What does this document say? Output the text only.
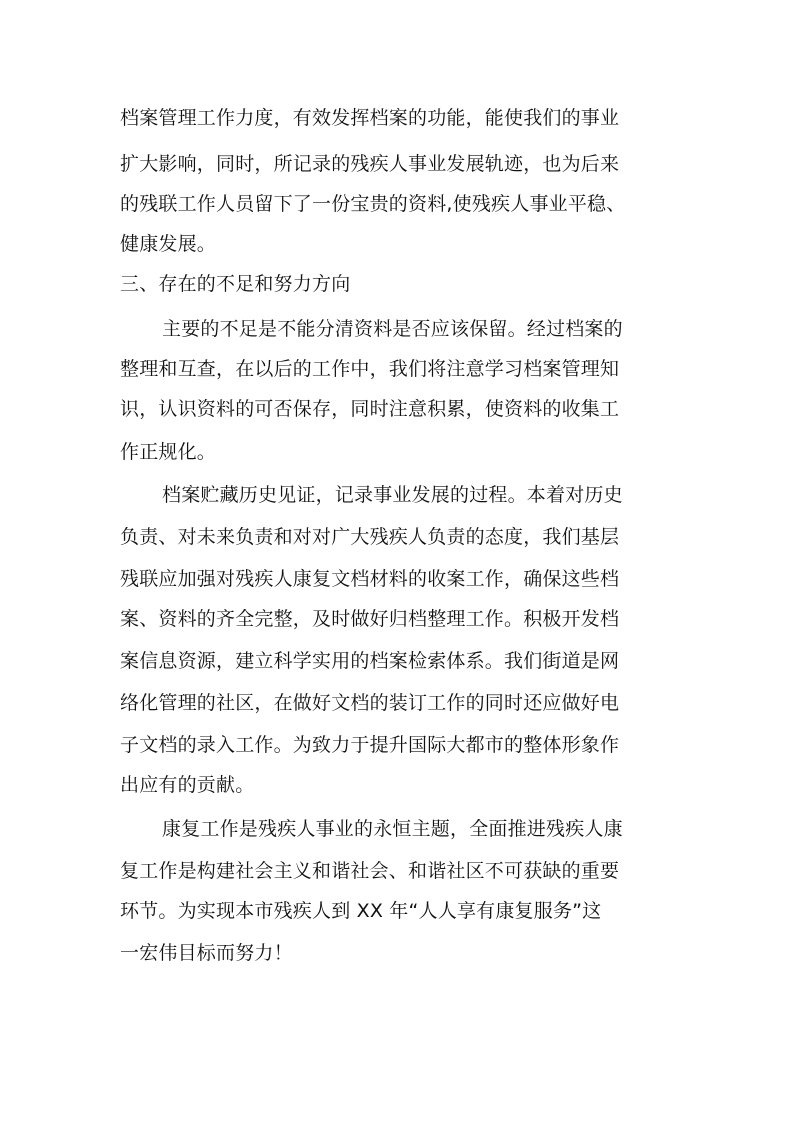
档案管理工作力度，有效发挥档案的功能，能使我们的事业
扩大影响，同时，所记录的残疾人事业发展轨迹，也为后来
的残联工作人员留下了一份宝贵的资料,使残疾人事业平稳、
健康发展。
三、存在的不足和努力方向
主要的不足是不能分清资料是否应该保留。经过档案的
整理和互查，在以后的工作中，我们将注意学习档案管理知
识，认识资料的可否保存，同时注意积累，使资料的收集工
作正规化。
档案贮藏历史见证，记录事业发展的过程。本着对历史
负责、对未来负责和对对广大残疾人负责的态度，我们基层
残联应加强对残疾人康复文档材料的收案工作，确保这些档
案、资料的齐全完整，及时做好归档整理工作。积极开发档
案信息资源，建立科学实用的档案检索体系。我们街道是网
络化管理的社区，在做好文档的装订工作的同时还应做好电
子文档的录入工作。为致力于提升国际大都市的整体形象作
出应有的贡献。
康复工作是残疾人事业的永恒主题，全面推进残疾人康
复工作是构建社会主义和谐社会、和谐社区不可获缺的重要
环节。为实现本市残疾人到 XX 年“人人享有康复服务”这
一宏伟目标而努力！
